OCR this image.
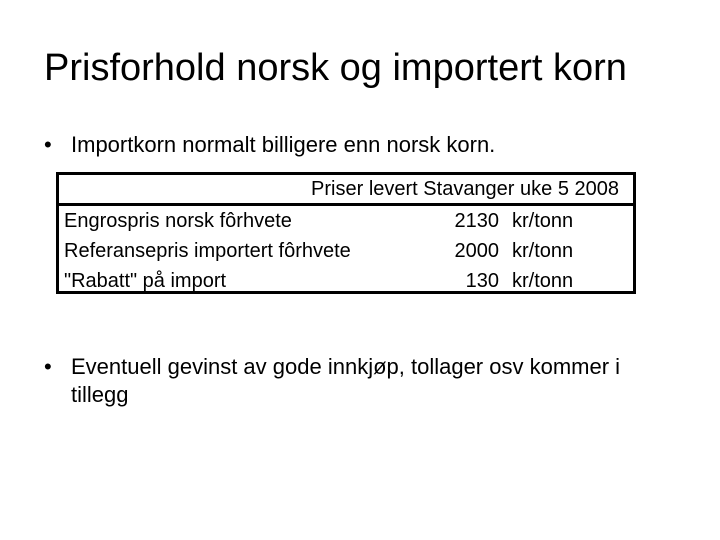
Prisforhold norsk og importert korn
• Importkorn normalt billigere enn norsk korn.
Priser levert Stavanger uke 5 2008
Engrospris norsk fôrhvete	2130 kr/tonn
Referansepris importert fôrhvete	2000 kr/tonn
"Rabatt" på import	130 kr/tonn
• Eventuell gevinst av gode innkjøp, tollager osv kommer i tillegg
